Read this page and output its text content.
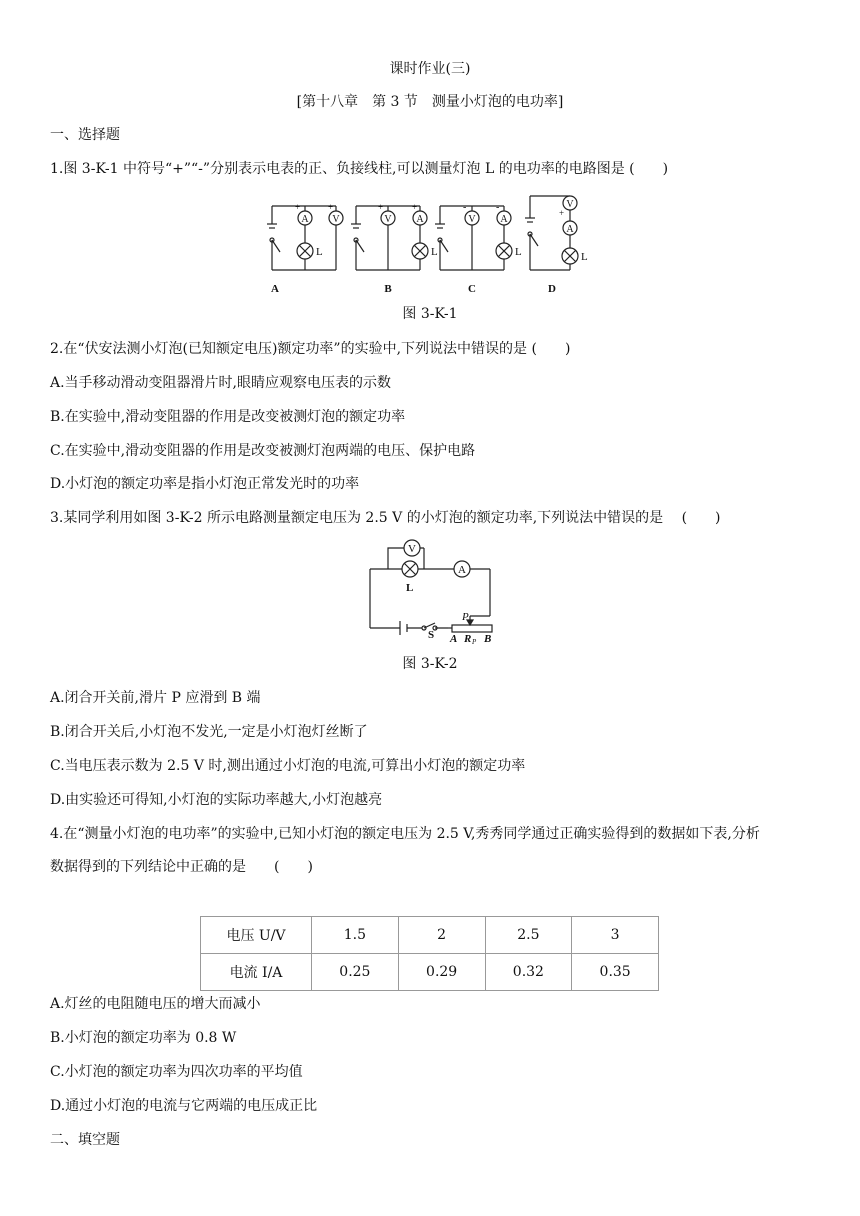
课时作业(三)
[第十八章　第 3 节　测量小灯泡的电功率]
一、选择题
1.图 3-K-1 中符号“+”“-”分别表示电表的正、负接线柱,可以测量灯泡 L 的电功率的电路图是 (　　)
A V	V A	V A
V
A
L	L	L	L
+	+	+	+	-	-	+
A	B	C	D
图 3-K-1
2.在“伏安法测小灯泡(已知额定电压)额定功率”的实验中,下列说法中错误的是 (　　)
A.当手移动滑动变阻器滑片时,眼睛应观察电压表的示数
B.在实验中,滑动变阻器的作用是改变被测灯泡的额定功率
C.在实验中,滑动变阻器的作用是改变被测灯泡两端的电压、保护电路
D.小灯泡的额定功率是指小灯泡正常发光时的功率
3.某同学利用如图 3-K-2 所示电路测量额定电压为 2.5 V 的小灯泡的额定功率,下列说法中错误的是　 (　　)
V
A
L
S
P
A R P B
图 3-K-2
A.闭合开关前,滑片 P 应滑到 B 端
B.闭合开关后,小灯泡不发光,一定是小灯泡灯丝断了
C.当电压表示数为 2.5 V 时,测出通过小灯泡的电流,可算出小灯泡的额定功率
D.由实验还可得知,小灯泡的实际功率越大,小灯泡越亮
4.在“测量小灯泡的电功率”的实验中,已知小灯泡的额定电压为 2.5 V,秀秀同学通过正确实验得到的数据如下表,分析
数据得到的下列结论中正确的是　　(　　)
电压 U/V	1.5	2	2.5	3
电流 I/A	0.25	0.29	0.32	0.35
A.灯丝的电阻随电压的增大而减小
B.小灯泡的额定功率为 0.8 W
C.小灯泡的额定功率为四次功率的平均值
D.通过小灯泡的电流与它两端的电压成正比
二、填空题
